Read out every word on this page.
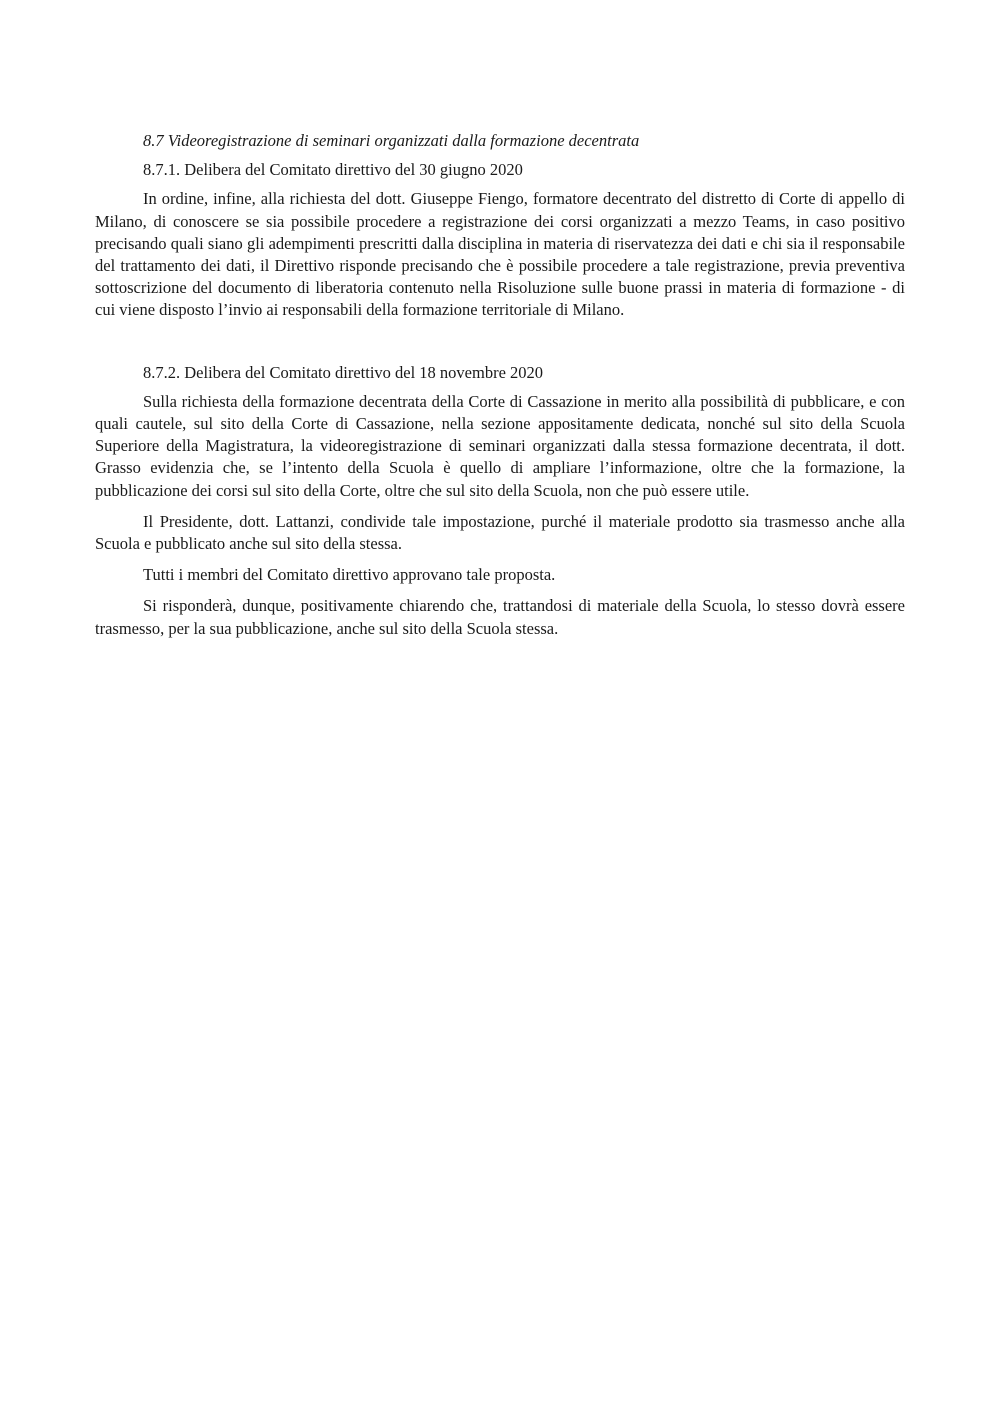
8.7 Videoregistrazione di seminari organizzati dalla formazione decentrata

8.7.1. Delibera del Comitato direttivo del 30 giugno 2020

In ordine, infine, alla richiesta del dott. Giuseppe Fiengo, formatore decentrato del distretto di Corte di appello di Milano, di conoscere se sia possibile procedere a registrazione dei corsi organizzati a mezzo Teams, in caso positivo precisando quali siano gli adempimenti prescritti dalla disciplina in materia di riservatezza dei dati e chi sia il responsabile del trattamento dei dati, il Direttivo risponde precisando che è possibile procedere a tale registrazione, previa preventiva sottoscrizione del documento di liberatoria contenuto nella Risoluzione sulle buone prassi in materia di formazione - di cui viene disposto l’invio ai responsabili della formazione territoriale di Milano.

8.7.2. Delibera del Comitato direttivo del 18 novembre 2020

Sulla richiesta della formazione decentrata della Corte di Cassazione in merito alla possibilità di pubblicare, e con quali cautele, sul sito della Corte di Cassazione, nella sezione appositamente dedicata, nonché sul sito della Scuola Superiore della Magistratura, la videoregistrazione di seminari organizzati dalla stessa formazione decentrata, il dott. Grasso evidenzia che, se l’intento della Scuola è quello di ampliare l’informazione, oltre che la formazione, la pubblicazione dei corsi sul sito della Corte, oltre che sul sito della Scuola, non che può essere utile.

Il Presidente, dott. Lattanzi, condivide tale impostazione, purché il materiale prodotto sia trasmesso anche alla Scuola e pubblicato anche sul sito della stessa.

Tutti i membri del Comitato direttivo approvano tale proposta.

Si risponderà, dunque, positivamente chiarendo che, trattandosi di materiale della Scuola, lo stesso dovrà essere trasmesso, per la sua pubblicazione, anche sul sito della Scuola stessa.
